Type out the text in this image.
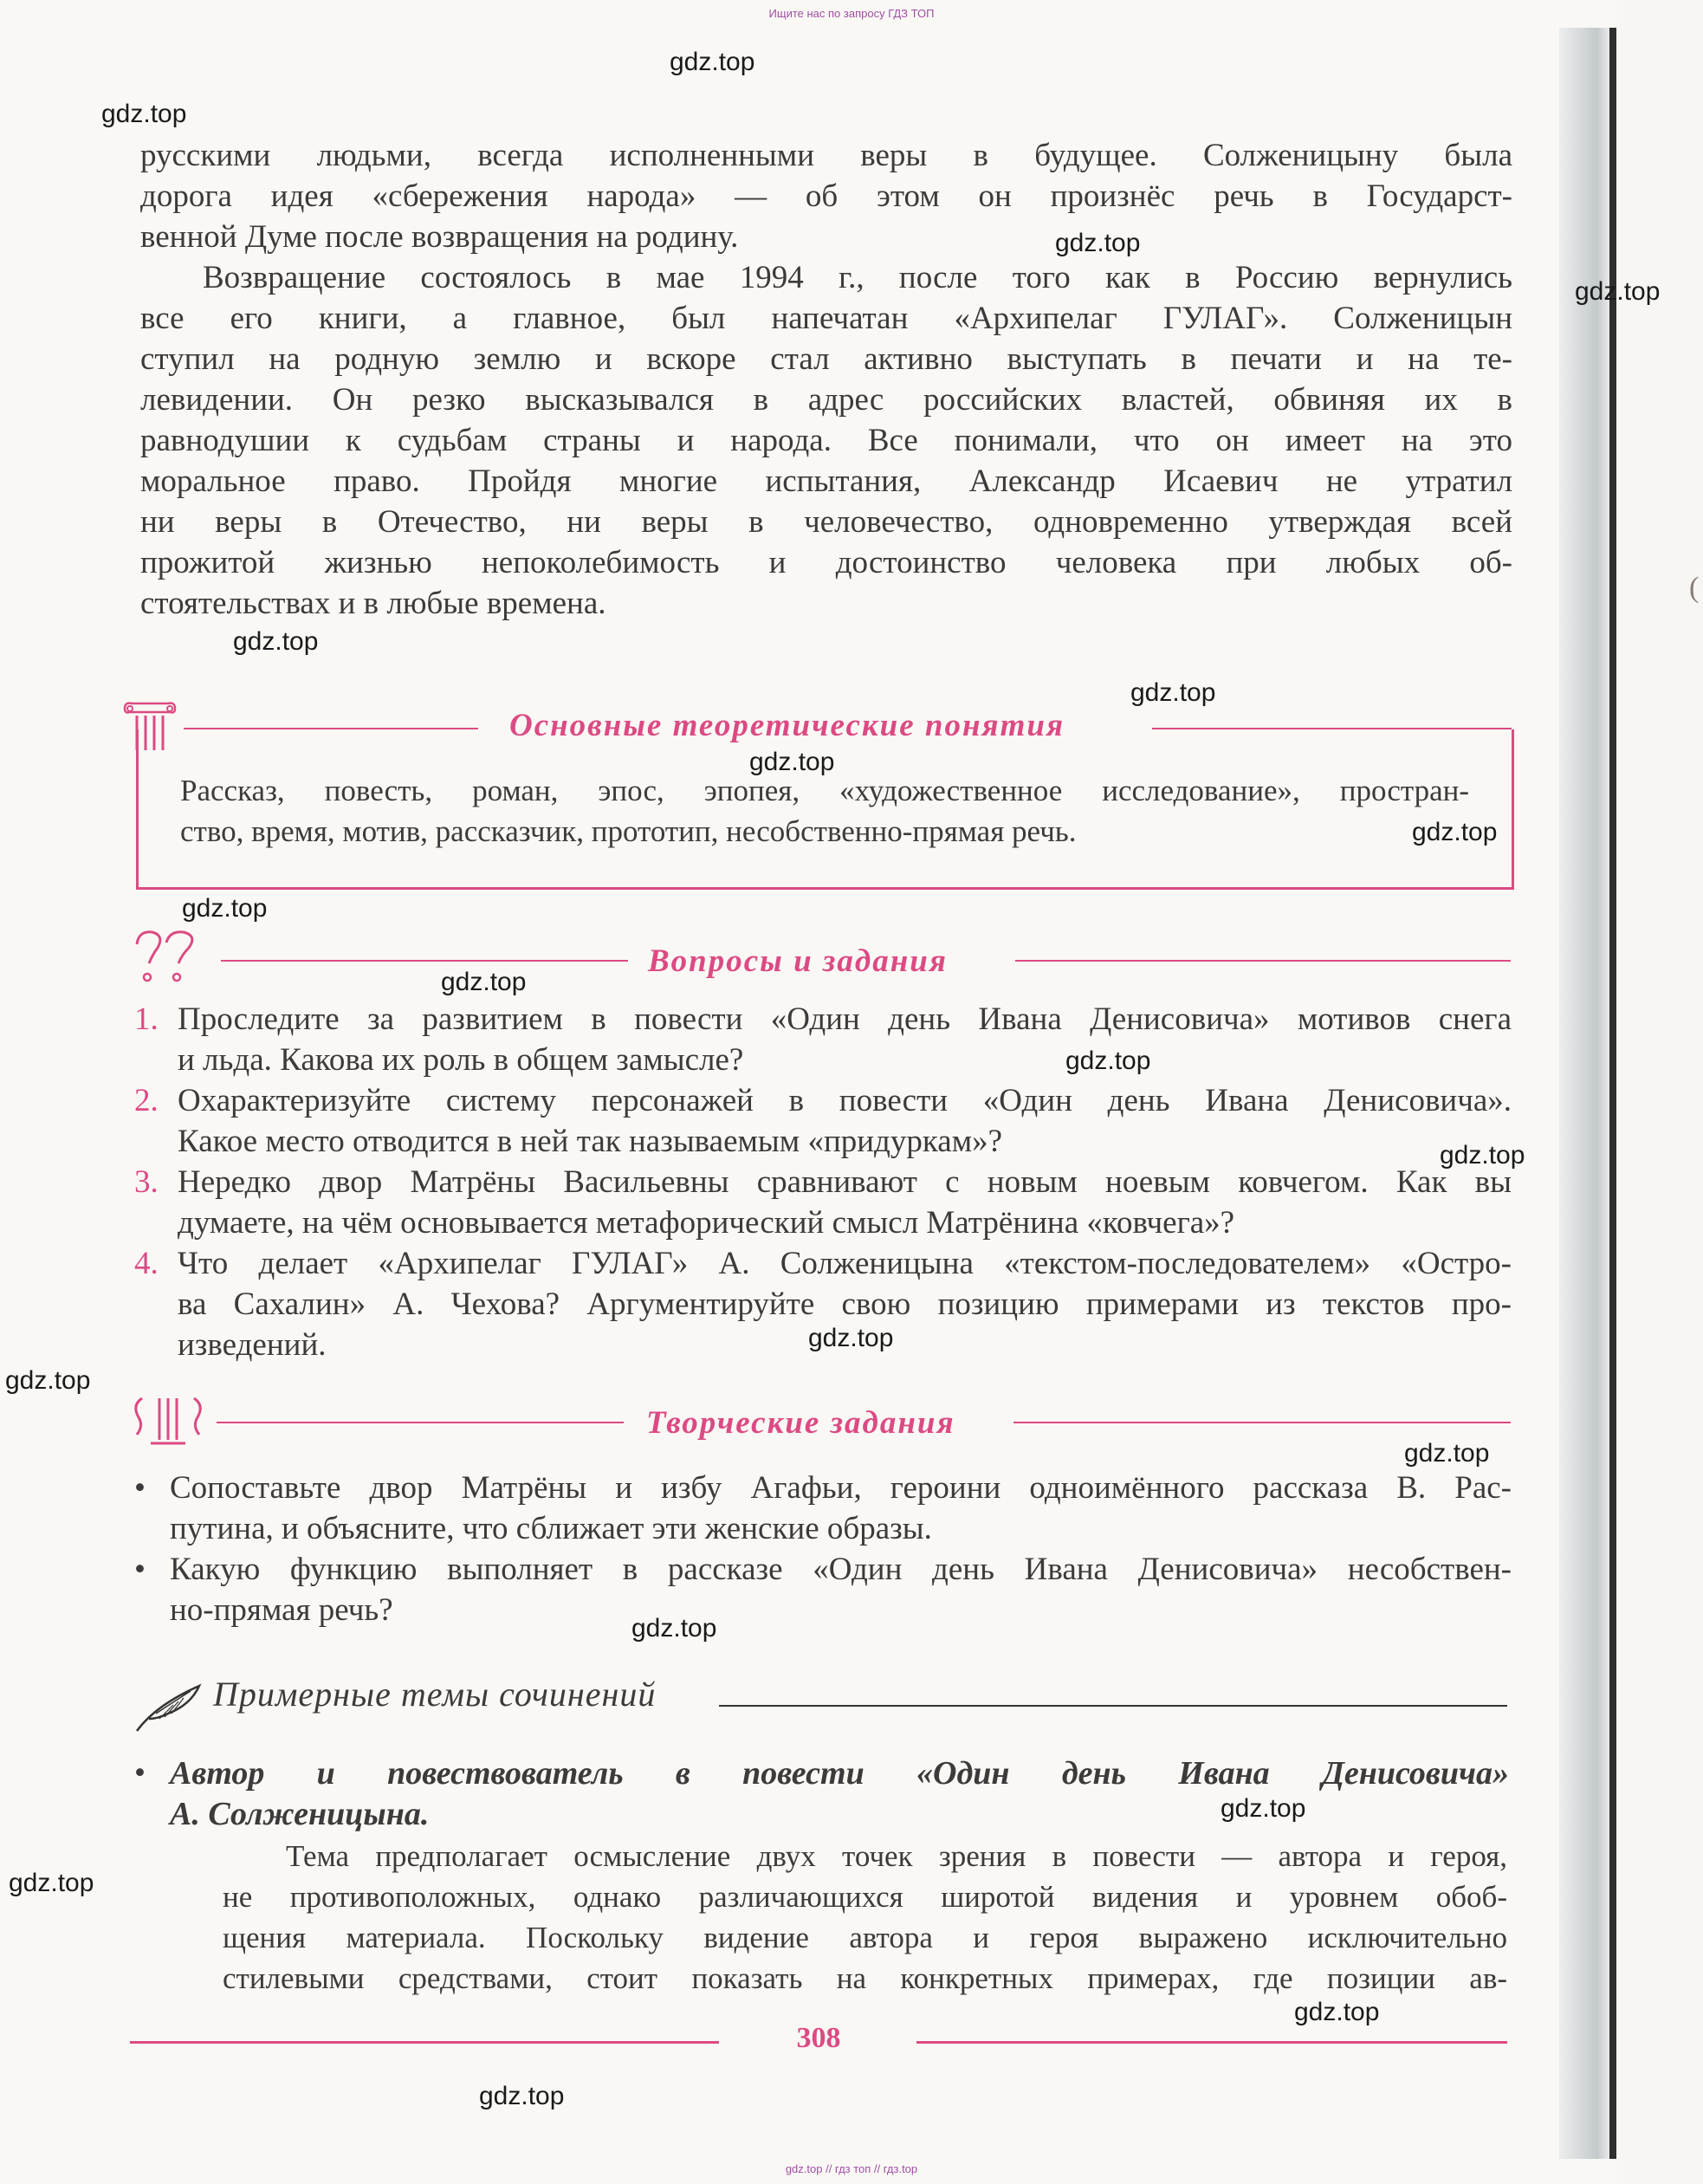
Ищите нас по запросу ГДЗ ТОП
(
русскими людьми, всегда исполненными веры в будущее. Солженицыну была
дорога идея «сбережения народа» — об этом он произнёс речь в Государст-
венной Думе после возвращения на родину.
Возвращение состоялось в мае 1994 г., после того как в Россию вернулись
все его книги, а главное, был напечатан «Архипелаг ГУЛАГ». Солженицын
ступил на родную землю и вскоре стал активно выступать в печати и на те-
левидении. Он резко высказывался в адрес российских властей, обвиняя их в
равнодушии к судьбам страны и народа. Все понимали, что он имеет на это
моральное право. Пройдя многие испытания, Александр Исаевич не утратил
ни веры в Отечество, ни веры в человечество, одновременно утверждая всей
прожитой жизнью непоколебимость и достоинство человека при любых об-
стоятельствах и в любые времена.
Основные теоретические понятия
Рассказ, повесть, роман, эпос, эпопея, «художественное исследование», простран-
ство, время, мотив, рассказчик, прототип, несобственно-прямая речь.
Вопросы и задания
1. Проследите за развитием в повести «Один день Ивана Денисовича» мотивов снега
и льда. Какова их роль в общем замысле?
2. Охарактеризуйте систему персонажей в повести «Один день Ивана Денисовича».
Какое место отводится в ней так называемым «придуркам»?
3. Нередко двор Матрёны Васильевны сравнивают с новым ноевым ковчегом. Как вы
думаете, на чём основывается метафорический смысл Матрёнина «ковчега»?
4. Что делает «Архипелаг ГУЛАГ» А. Солженицына «текстом-последователем» «Остро-
ва Сахалин» А. Чехова? Аргументируйте свою позицию примерами из текстов про-
изведений.
Творческие задания
• Сопоставьте двор Матрёны и избу Агафьи, героини одноимённого рассказа В. Рас-
путина, и объясните, что сближает эти женские образы.
• Какую функцию выполняет в рассказе «Один день Ивана Денисовича» несобствен-
но-прямая речь?
Примерные темы сочинений
• Автор и повествователь в повести «Один день Ивана Денисовича»
А. Солженицына.
Тема предполагает осмысление двух точек зрения в повести — автора и героя,
не противоположных, однако различающихся широтой видения и уровнем обоб-
щения материала. Поскольку видение автора и героя выражено исключительно
стилевыми средствами, стоит показать на конкретных примерах, где позиции ав-
308
gdz.top
gdz.top
gdz.top
gdz.top
gdz.top
gdz.top
gdz.top
gdz.top
gdz.top
gdz.top
gdz.top
gdz.top
gdz.top
gdz.top
gdz.top
gdz.top
gdz.top
gdz.top
gdz.top
gdz.top
gdz.top // гдз топ // гдз.top
